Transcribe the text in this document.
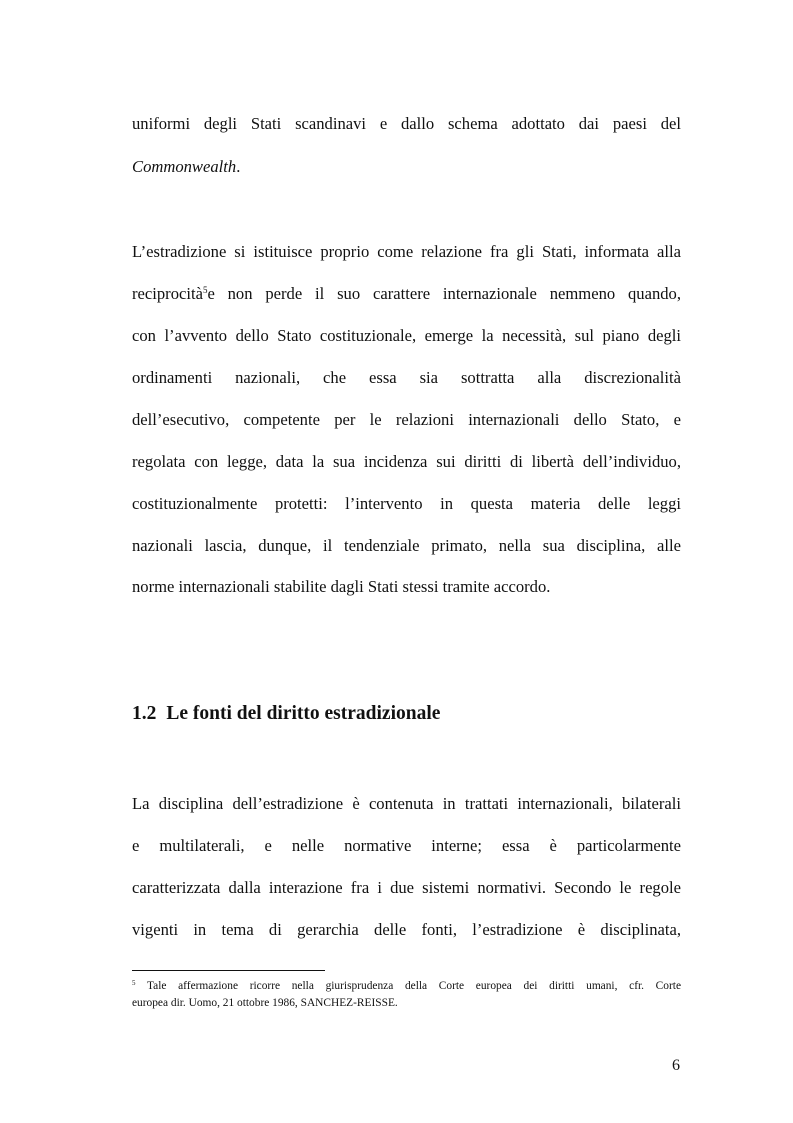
uniformi degli Stati scandinavi e dallo schema adottato dai paesi del
Commonwealth.
L’estradizione si istituisce proprio come relazione fra gli Stati, informata alla
reciprocità$^5$e non perde il suo carattere internazionale nemmeno quando,
con l’avvento dello Stato costituzionale, emerge la necessità, sul piano degli
ordinamenti nazionali, che essa sia sottratta alla discrezionalità
dell’esecutivo, competente per le relazioni internazionali dello Stato, e
regolata con legge, data la sua incidenza sui diritti di libertà dell’individuo,
costituzionalmente protetti: l’intervento in questa materia delle leggi
nazionali lascia, dunque, il tendenziale primato, nella sua disciplina, alle
norme internazionali stabilite dagli Stati stessi tramite accordo.
1.2 Le fonti del diritto estradizionale
La disciplina dell’estradizione è contenuta in trattati internazionali, bilaterali
e multilaterali, e nelle normative interne; essa è particolarmente
caratterizzata dalla interazione fra i due sistemi normativi. Secondo le regole
vigenti in tema di gerarchia delle fonti, l’estradizione è disciplinata,
$^5$ Tale affermazione ricorre nella giurisprudenza della Corte europea dei diritti umani, cfr. Corte
europea dir. Uomo, 21 ottobre 1986, SANCHEZ-REISSE.
6
